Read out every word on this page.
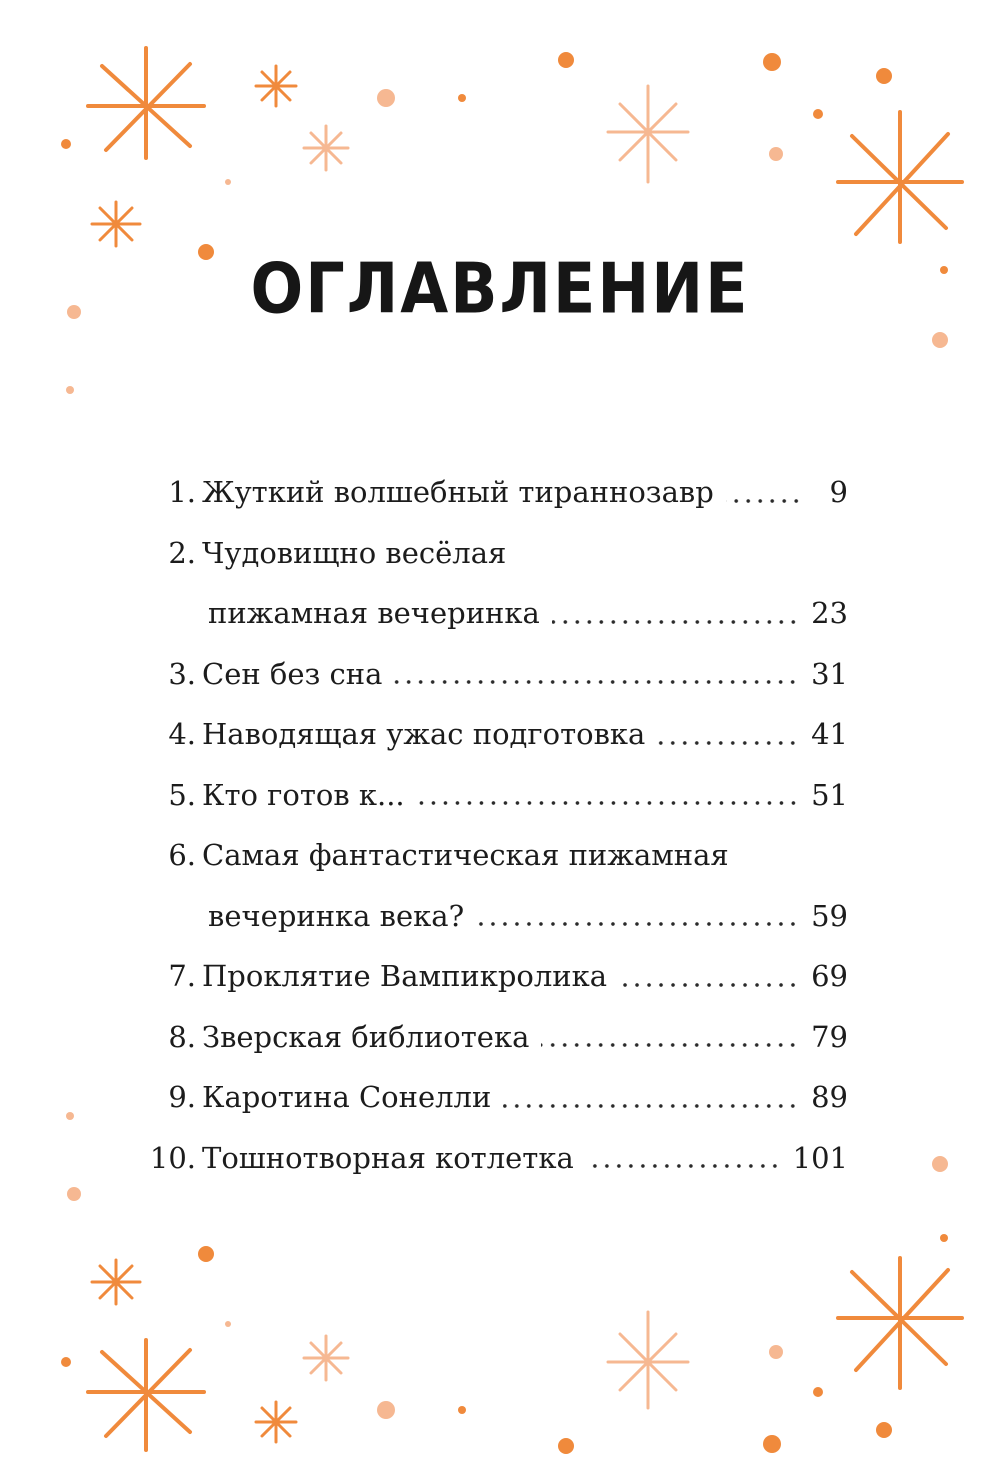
ОГЛАВЛЕНИЕ
1. Жуткий волшебный тираннозавр	9
2. Чудовищно весёлая
пижамная вечеринка	23
3. Сен без сна	31
4. Наводящая ужас подготовка	41
5. Кто готов к...	51
6. Самая фантастическая пижамная
вечеринка века?	59
7. Проклятие Вампикролика	69
8. Зверская библиотека	79
9. Каротина Сонелли	89
10. Тошнотворная котлетка	101
